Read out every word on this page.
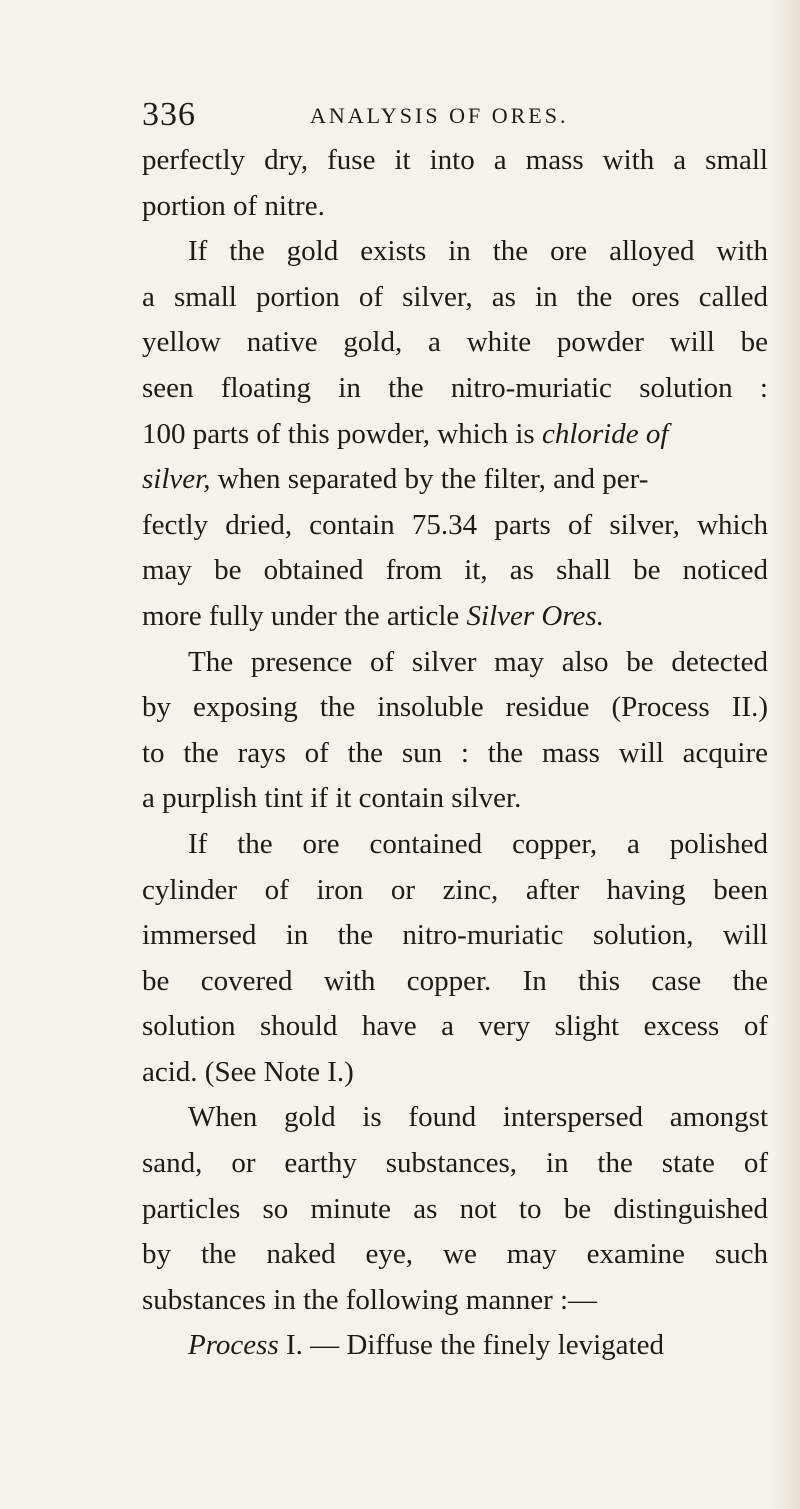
336	ANALYSIS OF ORES.
perfectly dry, fuse it into a mass with a small
portion of nitre.
If the gold exists in the ore alloyed with
a small portion of silver, as in the ores called
yellow native gold, a white powder will be
seen floating in the nitro-muriatic solution :
100 parts of this powder, which is chloride of
silver, when separated by the filter, and per-
fectly dried, contain 75.34 parts of silver, which
may be obtained from it, as shall be noticed
more fully under the article Silver Ores.
The presence of silver may also be detected
by exposing the insoluble residue (Process II.)
to the rays of the sun : the mass will acquire
a purplish tint if it contain silver.
If the ore contained copper, a polished
cylinder of iron or zinc, after having been
immersed in the nitro-muriatic solution, will
be covered with copper. In this case the
solution should have a very slight excess of
acid. (See Note I.)
When gold is found interspersed amongst
sand, or earthy substances, in the state of
particles so minute as not to be distinguished
by the naked eye, we may examine such
substances in the following manner :—
Process I. — Diffuse the finely levigated
